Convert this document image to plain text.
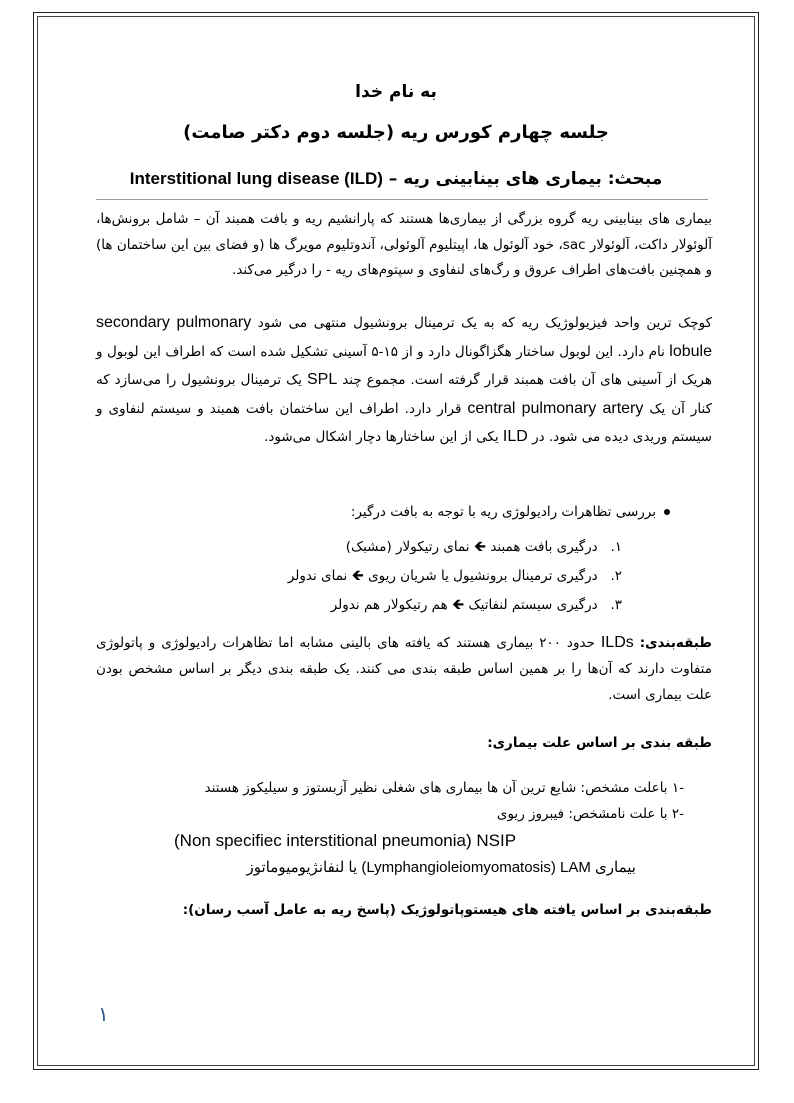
به نام خدا
جلسه چهارم کورس ریه (جلسه دوم دکتر صامت)
مبحث: بیماری های بینابینی ریه – Interstitional lung disease (ILD)
بیماری های بینابینی ریه گروه بزرگی از بیماری‌ها هستند که پارانشیم ریه و بافت همبند آن – شامل برونش‌ها، آلوئولار داکت، آلوئولار sac، خود آلوئول ها، اپیتلیوم آلوئولی، آندوتلیوم مویرگ ها (و فضای بین این ساختمان ها) و همچنین بافت‌های اطراف عروق و رگ‌های لنفاوی و سپتوم‌های ریه - را درگیر می‌کند.
کوچک ترین واحد فیزیولوژیک ریه که به یک ترمینال برونشیول منتهی می شود secondary pulmonary lobule نام دارد. این لوبول ساختار هگزاگونال دارد و از ۱۵-۵ آسینی تشکیل شده است که اطراف این لوبول و هریک از آسینی های آن بافت همبند قرار گرفته است. مجموع چند SPL یک ترمینال برونشیول را می‌سازد که کنار آن یک central pulmonary artery قرار دارد. اطراف این ساختمان بافت همبند و سیستم لنفاوی و سیستم وریدی دیده می شود. در ILD یکی از این ساختارها دچار اشکال می‌شود.
بررسی تظاهرات رادیولوژی ریه با توجه به بافت درگیر:
۱. درگیری بافت همبند 🡸 نمای رتیکولار (مشبک)
۲. درگیری ترمینال برونشیول یا شریان ریوی 🡸 نمای ندولر
۳. درگیری سیستم لنفاتیک 🡸 هم رتیکولار هم ندولر
طبقه‌بندی: ILDs حدود ۲۰۰ بیماری هستند که یافته های بالینی مشابه اما تظاهرات رادیولوژی و پاتولوژی متفاوت دارند که آن‌ها را بر همین اساس طبقه بندی می کنند. یک طبقه بندی دیگر بر اساس مشخص بودن علت بیماری است.
طبقه بندی بر اساس علت بیماری:
-۱ باعلت مشخص: شایع ترین آن ها بیماری های شغلی نظیر آزبستوز و سیلیکوز هستند
-۲ با علت نامشخص: فیبروز ریوی
(Non specifiec interstitional pneumonia) NSIP
بیماری (Lymphangioleiomyomatosis) LAM یا لنفانژیومیوماتوز
طبقه‌بندی بر اساس یافته های هیستوپاتولوژیک (پاسخ ریه به عامل آسب رسان):
۱
